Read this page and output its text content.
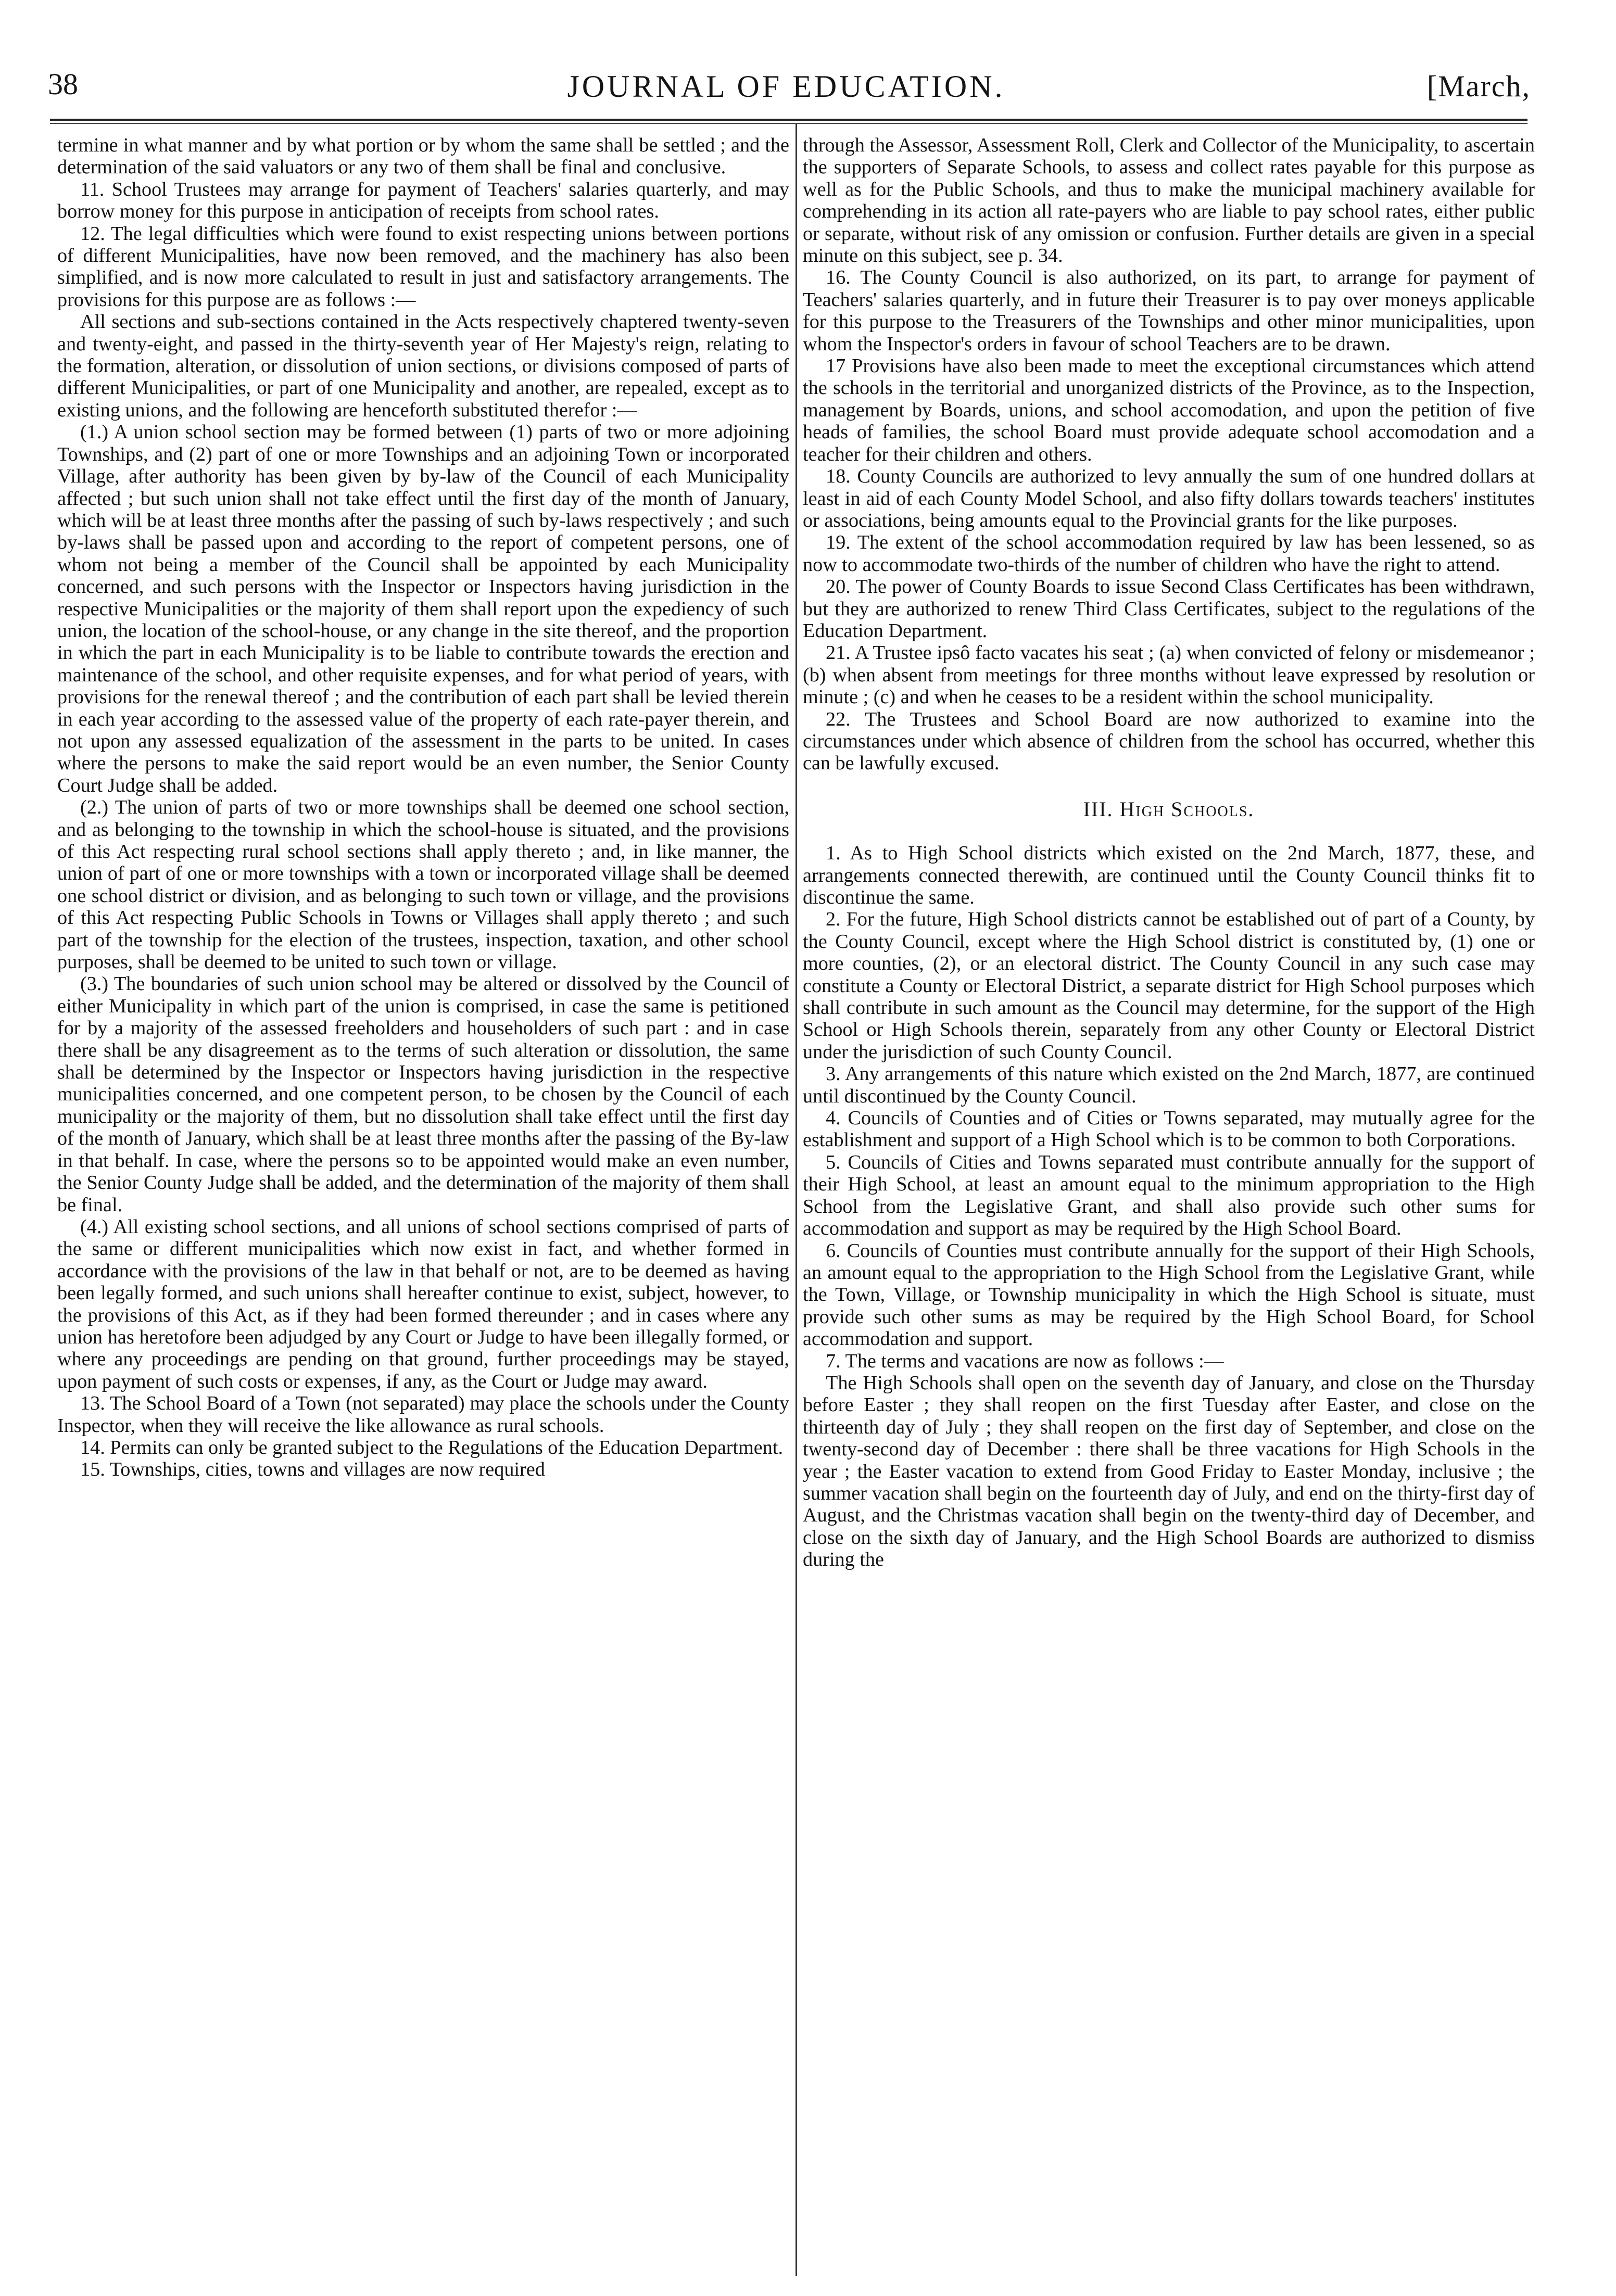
38	JOURNAL OF EDUCATION.	[March,

termine in what manner and by what portion or by whom the same shall be settled ; and the determination of the said valuators or any two of them shall be final and conclusive.

11. School Trustees may arrange for payment of Teachers' salaries quarterly, and may borrow money for this purpose in anticipation of receipts from school rates.

12. The legal difficulties which were found to exist respecting unions between portions of different Municipalities, have now been removed, and the machinery has also been simplified, and is now more calculated to result in just and satisfactory arrangements. The provisions for this purpose are as follows :—

All sections and sub-sections contained in the Acts respectively chaptered twenty-seven and twenty-eight, and passed in the thirty-seventh year of Her Majesty's reign, relating to the formation, alteration, or dissolution of union sections, or divisions composed of parts of different Municipalities, or part of one Municipality and another, are repealed, except as to existing unions, and the following are henceforth substituted therefor :—

(1.) A union school section may be formed between (1) parts of two or more adjoining Townships, and (2) part of one or more Townships and an adjoining Town or incorporated Village, after authority has been given by by-law of the Council of each Municipality affected ; but such union shall not take effect until the first day of the month of January, which will be at least three months after the passing of such by-laws respectively ; and such by-laws shall be passed upon and according to the report of competent persons, one of whom not being a member of the Council shall be appointed by each Municipality concerned, and such persons with the Inspector or Inspectors having jurisdiction in the respective Municipalities or the majority of them shall report upon the expediency of such union, the location of the school-house, or any change in the site thereof, and the proportion in which the part in each Municipality is to be liable to contribute towards the erection and maintenance of the school, and other requisite expenses, and for what period of years, with provisions for the renewal thereof ; and the contribution of each part shall be levied therein in each year according to the assessed value of the property of each rate-payer therein, and not upon any assessed equalization of the assessment in the parts to be united. In cases where the persons to make the said report would be an even number, the Senior County Court Judge shall be added.

(2.) The union of parts of two or more townships shall be deemed one school section, and as belonging to the township in which the school-house is situated, and the provisions of this Act respecting rural school sections shall apply thereto ; and, in like manner, the union of part of one or more townships with a town or incorporated village shall be deemed one school district or division, and as belonging to such town or village, and the provisions of this Act respecting Public Schools in Towns or Villages shall apply thereto ; and such part of the township for the election of the trustees, inspection, taxation, and other school purposes, shall be deemed to be united to such town or village.

(3.) The boundaries of such union school may be altered or dissolved by the Council of either Municipality in which part of the union is comprised, in case the same is petitioned for by a majority of the assessed freeholders and householders of such part : and in case there shall be any disagreement as to the terms of such alteration or dissolution, the same shall be determined by the Inspector or Inspectors having jurisdiction in the respective municipalities concerned, and one competent person, to be chosen by the Council of each municipality or the majority of them, but no dissolution shall take effect until the first day of the month of January, which shall be at least three months after the passing of the By-law in that behalf. In case, where the persons so to be appointed would make an even number, the Senior County Judge shall be added, and the determination of the majority of them shall be final.

(4.) All existing school sections, and all unions of school sections comprised of parts of the same or different municipalities which now exist in fact, and whether formed in accordance with the provisions of the law in that behalf or not, are to be deemed as having been legally formed, and such unions shall hereafter continue to exist, subject, however, to the provisions of this Act, as if they had been formed thereunder ; and in cases where any union has heretofore been adjudged by any Court or Judge to have been illegally formed, or where any proceedings are pending on that ground, further proceedings may be stayed, upon payment of such costs or expenses, if any, as the Court or Judge may award.

13. The School Board of a Town (not separated) may place the schools under the County Inspector, when they will receive the like allowance as rural schools.

14. Permits can only be granted subject to the Regulations of the Education Department.

15. Townships, cities, towns and villages are now required

through the Assessor, Assessment Roll, Clerk and Collector of the Municipality, to ascertain the supporters of Separate Schools, to assess and collect rates payable for this purpose as well as for the Public Schools, and thus to make the municipal machinery available for comprehending in its action all rate-payers who are liable to pay school rates, either public or separate, without risk of any omission or confusion. Further details are given in a special minute on this subject, see p. 34.

16. The County Council is also authorized, on its part, to arrange for payment of Teachers' salaries quarterly, and in future their Treasurer is to pay over moneys applicable for this purpose to the Treasurers of the Townships and other minor municipalities, upon whom the Inspector's orders in favour of school Teachers are to be drawn.

17 Provisions have also been made to meet the exceptional circumstances which attend the schools in the territorial and unorganized districts of the Province, as to the Inspection, management by Boards, unions, and school accomodation, and upon the petition of five heads of families, the school Board must provide adequate school accomodation and a teacher for their children and others.

18. County Councils are authorized to levy annually the sum of one hundred dollars at least in aid of each County Model School, and also fifty dollars towards teachers' institutes or associations, being amounts equal to the Provincial grants for the like purposes.

19. The extent of the school accommodation required by law has been lessened, so as now to accommodate two-thirds of the number of children who have the right to attend.

20. The power of County Boards to issue Second Class Certificates has been withdrawn, but they are authorized to renew Third Class Certificates, subject to the regulations of the Education Department.

21. A Trustee ipsô facto vacates his seat ; (a) when convicted of felony or misdemeanor ; (b) when absent from meetings for three months without leave expressed by resolution or minute ; (c) and when he ceases to be a resident within the school municipality.

22. The Trustees and School Board are now authorized to examine into the circumstances under which absence of children from the school has occurred, whether this can be lawfully excused.

III. High Schools.

1. As to High School districts which existed on the 2nd March, 1877, these, and arrangements connected therewith, are continued until the County Council thinks fit to discontinue the same.

2. For the future, High School districts cannot be established out of part of a County, by the County Council, except where the High School district is constituted by, (1) one or more counties, (2), or an electoral district. The County Council in any such case may constitute a County or Electoral District, a separate district for High School purposes which shall contribute in such amount as the Council may determine, for the support of the High School or High Schools therein, separately from any other County or Electoral District under the jurisdiction of such County Council.

3. Any arrangements of this nature which existed on the 2nd March, 1877, are continued until discontinued by the County Council.

4. Councils of Counties and of Cities or Towns separated, may mutually agree for the establishment and support of a High School which is to be common to both Corporations.

5. Councils of Cities and Towns separated must contribute annually for the support of their High School, at least an amount equal to the minimum appropriation to the High School from the Legislative Grant, and shall also provide such other sums for accommodation and support as may be required by the High School Board.

6. Councils of Counties must contribute annually for the support of their High Schools, an amount equal to the appropriation to the High School from the Legislative Grant, while the Town, Village, or Township municipality in which the High School is situate, must provide such other sums as may be required by the High School Board, for School accommodation and support.

7. The terms and vacations are now as follows :—

The High Schools shall open on the seventh day of January, and close on the Thursday before Easter ; they shall reopen on the first Tuesday after Easter, and close on the thirteenth day of July ; they shall reopen on the first day of September, and close on the twenty-second day of December : there shall be three vacations for High Schools in the year ; the Easter vacation to extend from Good Friday to Easter Monday, inclusive ; the summer vacation shall begin on the fourteenth day of July, and end on the thirty-first day of August, and the Christmas vacation shall begin on the twenty-third day of December, and close on the sixth day of January, and the High School Boards are authorized to dismiss during the
